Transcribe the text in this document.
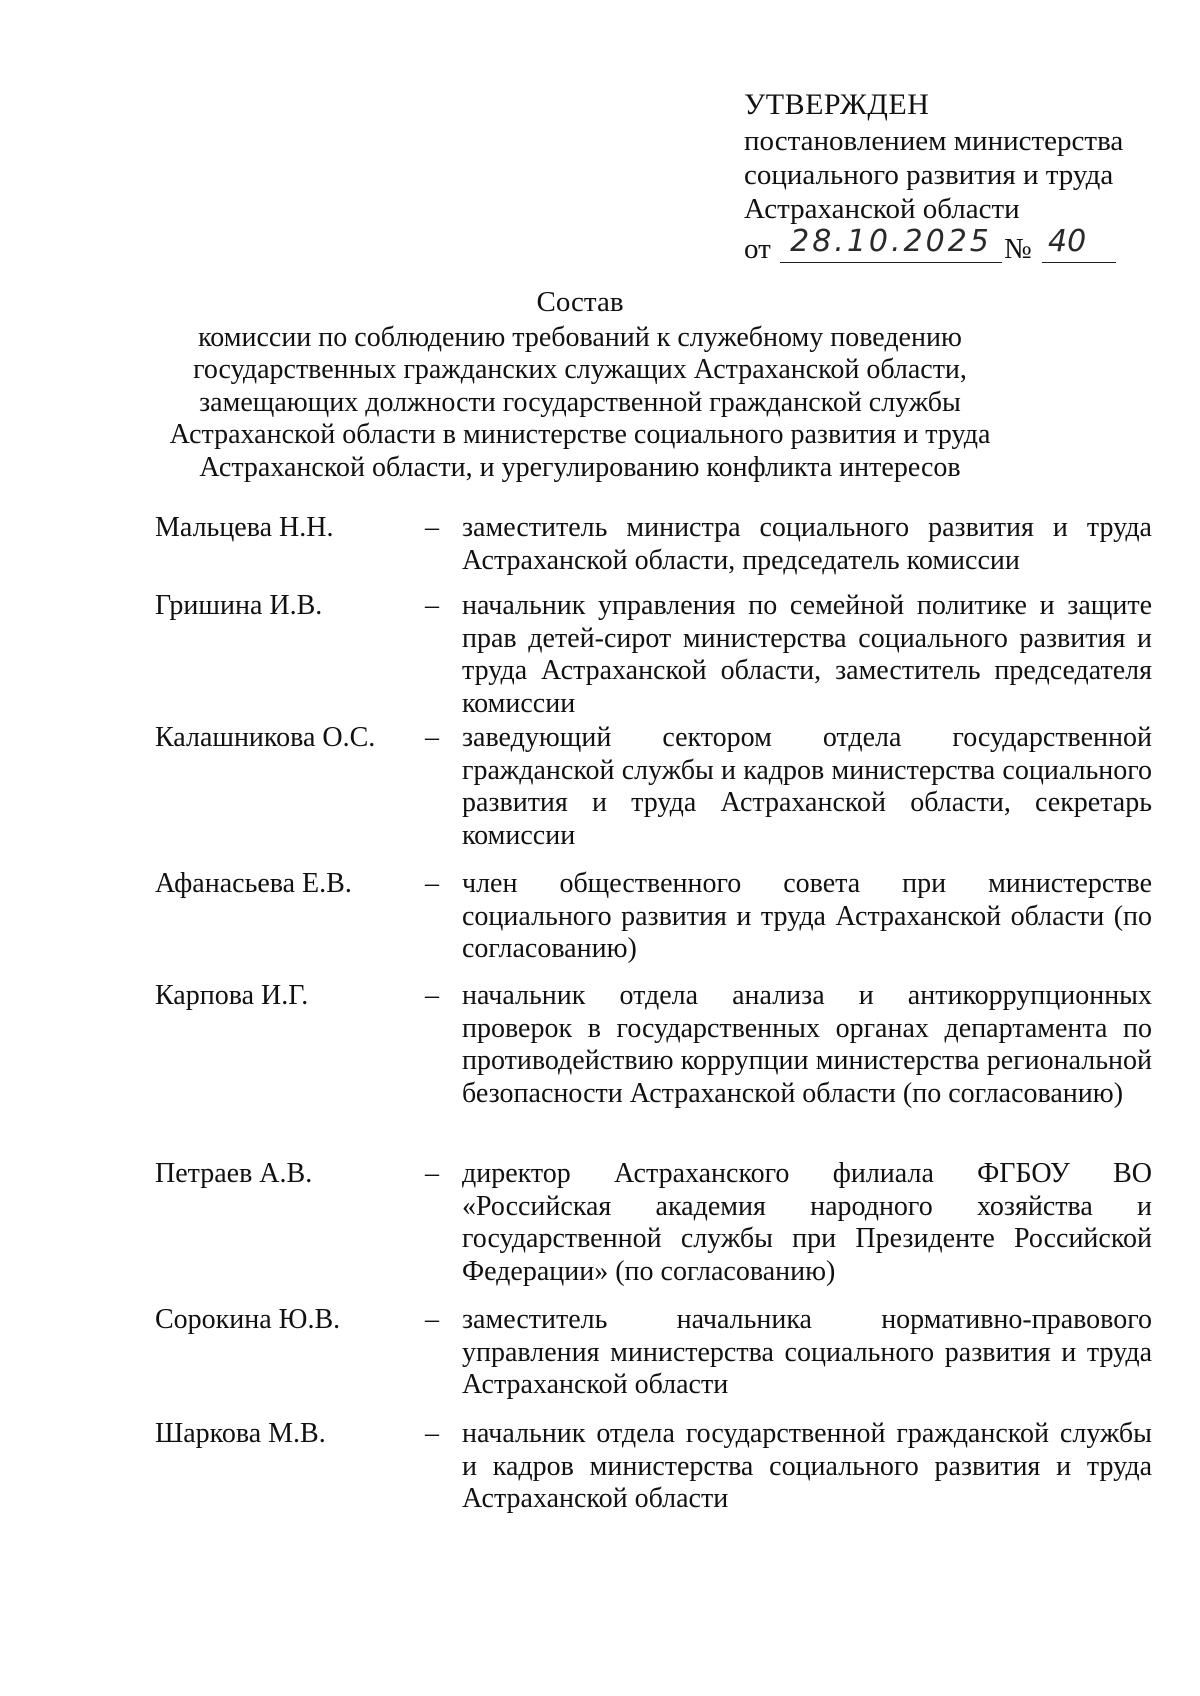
УТВЕРЖДЕН
постановлением министерства
социального развития и труда
Астраханской области
от 28.10.2025 № 40
Состав
комиссии по соблюдению требований к служебному поведению
государственных гражданских служащих Астраханской области,
замещающих должности государственной гражданской службы
Астраханской области в министерстве социального развития и труда
Астраханской области, и урегулированию конфликта интересов
Мальцева Н.Н.	– заместитель министра социального развития и труда Астраханской области, председатель комиссии
Гришина И.В.	– начальник управления по семейной политике и защите прав детей-сирот министерства социального развития и труда Астраханской области, заместитель председателя комиссии
Калашникова О.С.	– заведующий сектором отдела государственной гражданской службы и кадров министерства социального развития и труда Астраханской области, секретарь комиссии
Афанасьева Е.В.	– член общественного совета при министерстве социального развития и труда Астраханской области (по согласованию)
Карпова И.Г.	– начальник отдела анализа и антикоррупционных проверок в государственных органах департамента по противодействию коррупции министерства региональной безопасности Астраханской области (по согласованию)
Петраев А.В.	– директор Астраханского филиала ФГБОУ ВО «Российская академия народного хозяйства и государственной службы при Президенте Российской Федерации» (по согласованию)
Сорокина Ю.В.	– заместитель начальника нормативно-правового управления министерства социального развития и труда Астраханской области
Шаркова М.В.	– начальник отдела государственной гражданской службы и кадров министерства социального развития и труда Астраханской области
